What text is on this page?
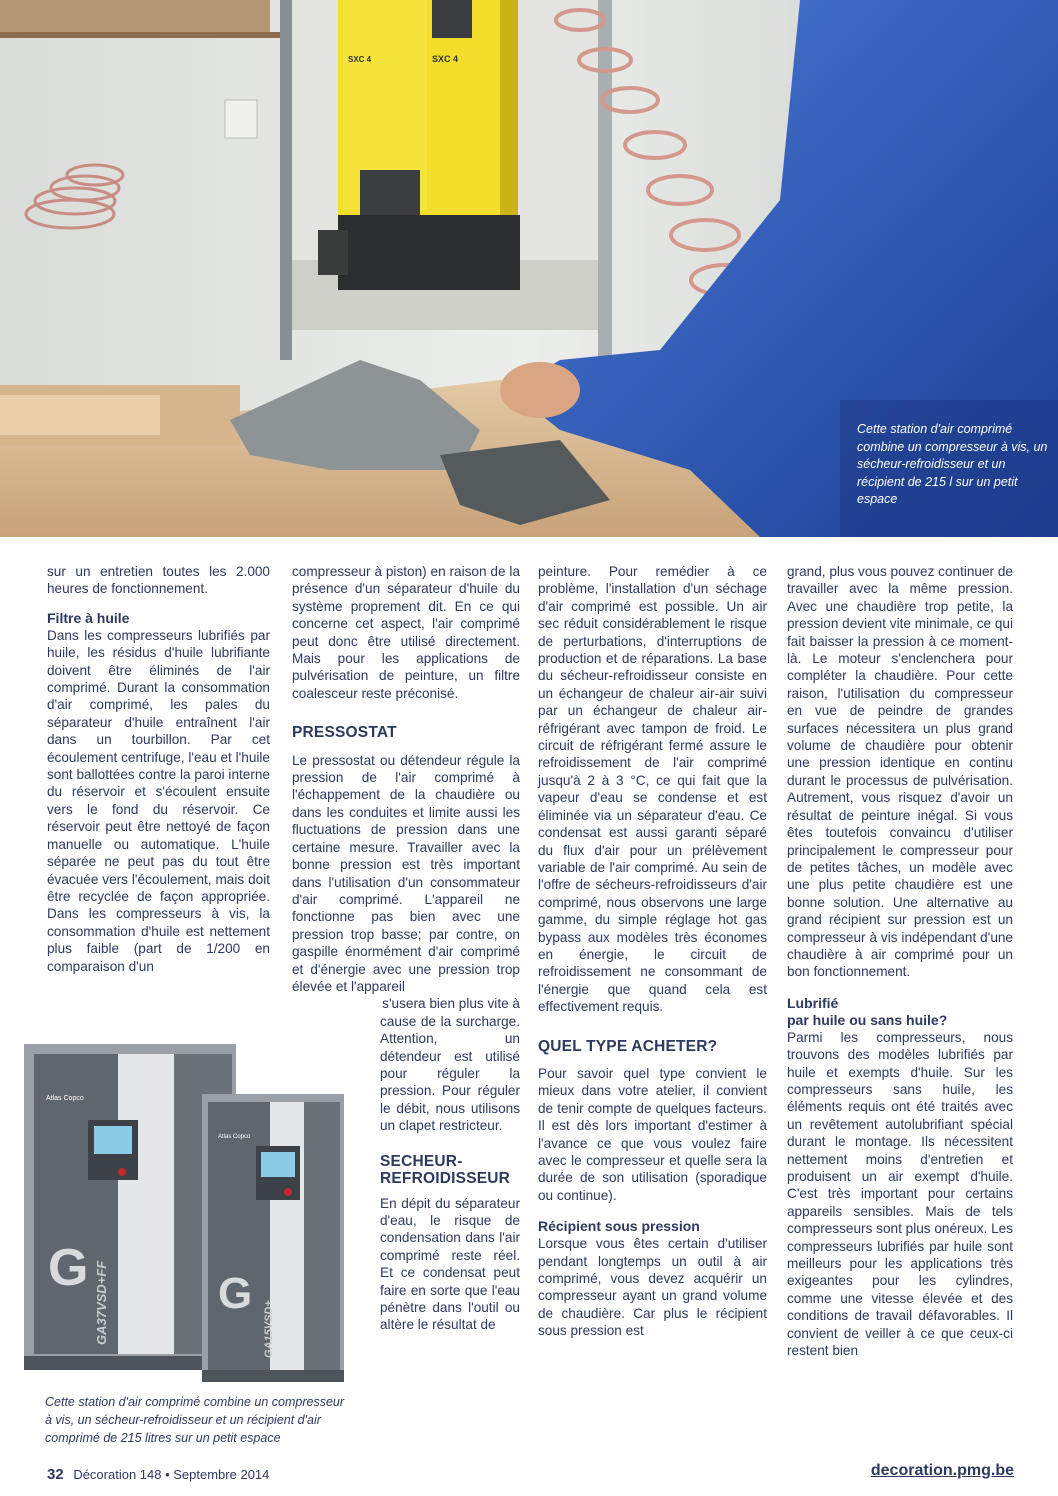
SXC 4	SXC 4
Cette station d'air comprimé combine un compresseur à vis, un sécheur-refroidisseur et un récipient de 215 l sur un petit espace

sur un entretien toutes les 2.000 heures de fonctionnement.

Filtre à huile

Dans les compresseurs lubrifiés par huile, les résidus d'huile lubrifiante doivent être éliminés de l'air comprimé. Durant la consommation d'air comprimé, les pales du séparateur d'huile entraînent l'air dans un tourbillon. Par cet écoulement centrifuge, l'eau et l'huile sont ballottées contre la paroi interne du réservoir et s'écoulent ensuite vers le fond du réservoir. Ce réservoir peut être nettoyé de façon manuelle ou automatique. L'huile séparée ne peut pas du tout être évacuée vers l'écoulement, mais doit être recyclée de façon appropriée. Dans les compresseurs à vis, la consommation d'huile est nettement plus faible (part de 1/200 en comparaison d'un

compresseur à piston) en raison de la présence d'un séparateur d'huile du système proprement dit. En ce qui concerne cet aspect, l'air comprimé peut donc être utilisé directement. Mais pour les applications de pulvérisation de peinture, un filtre coalesceur reste préconisé.

PRESSOSTAT

Le pressostat ou détendeur régule la pression de l'air comprimé à l'échappement de la chaudière ou dans les conduites et limite aussi les fluctuations de pression dans une certaine mesure. Travailler avec la bonne pression est très important dans l'utilisation d'un consommateur d'air comprimé. L'appareil ne fonctionne pas bien avec une pression trop basse; par contre, on gaspille énormément d'air comprimé et d'énergie avec une pression trop élevée et l'appareil

s'usera bien plus vite à

cause de la surcharge. Attention, un détendeur est utilisé pour réguler la pression. Pour réguler le débit, nous utilisons un clapet restricteur.

SECHEUR-REFROIDISSEUR

En dépit du séparateur d'eau, le risque de condensation dans l'air comprimé reste réel. Et ce condensat peut faire en sorte que l'eau pénètre dans l'outil ou altère le résultat de

peinture. Pour remédier à ce problème, l'installation d'un séchage d'air comprimé est possible. Un air sec réduit considérablement le risque de perturbations, d'interruptions de production et de réparations. La base du sécheur-refroidisseur consiste en un échangeur de chaleur air-air suivi par un échangeur de chaleur air-réfrigérant avec tampon de froid. Le circuit de réfrigérant fermé assure le refroidissement de l'air comprimé jusqu'à 2 à 3 °C, ce qui fait que la vapeur d'eau se condense et est éliminée via un séparateur d'eau. Ce condensat est aussi garanti séparé du flux d'air pour un prélèvement variable de l'air comprimé. Au sein de l'offre de sécheurs-refroidisseurs d'air comprimé, nous observons une large gamme, du simple réglage hot gas bypass aux modèles très économes en énergie, le circuit de refroidissement ne consommant de l'énergie que quand cela est effectivement requis.

QUEL TYPE ACHETER?

Pour savoir quel type convient le mieux dans votre atelier, il convient de tenir compte de quelques facteurs. Il est dès lors important d'estimer à l'avance ce que vous voulez faire avec le compresseur et quelle sera la durée de son utilisation (sporadique ou continue).

Récipient sous pression

Lorsque vous êtes certain d'utiliser pendant longtemps un outil à air comprimé, vous devez acquérir un compresseur ayant un grand volume de chaudière. Car plus le récipient sous pression est

grand, plus vous pouvez continuer de travailler avec la même pression. Avec une chaudière trop petite, la pression devient vite minimale, ce qui fait baisser la pression à ce moment-là. Le moteur s'enclenchera pour compléter la chaudière. Pour cette raison, l'utilisation du compresseur en vue de peindre de grandes surfaces nécessitera un plus grand volume de chaudière pour obtenir une pression identique en continu durant le processus de pulvérisation. Autrement, vous risquez d'avoir un résultat de peinture inégal. Si vous êtes toutefois convaincu d'utiliser principalement le compresseur pour de petites tâches, un modèle avec une plus petite chaudière est une bonne solution. Une alternative au grand récipient sur pression est un compresseur à vis indépendant d'une chaudière à air comprimé pour un bon fonctionnement.

Lubrifié
par huile ou sans huile?

Parmi les compresseurs, nous trouvons des modèles lubrifiés par huile et exempts d'huile. Sur les compresseurs sans huile, les éléments requis ont été traités avec un revêtement autolubrifiant spécial durant le montage. Ils nécessitent nettement moins d'entretien et produisent un air exempt d'huile. C'est très important pour certains appareils sensibles. Mais de tels compresseurs sont plus onéreux. Les compresseurs lubrifiés par huile sont meilleurs pour les applications très exigeantes pour les cylindres, comme une vitesse élevée et des conditions de travail défavorables. Il convient de veiller à ce que ceux-ci restent bien

Atlas Copco
G GA37VSD+FF
Atlas Copco
G
GA15VSD+
Cette station d'air comprimé combine un compresseur à vis, un sécheur-refroidisseur et un récipient d'air comprimé de 215 litres sur un petit espace
32 Décoration 148 • Septembre 2014	decoration.pmg.be
